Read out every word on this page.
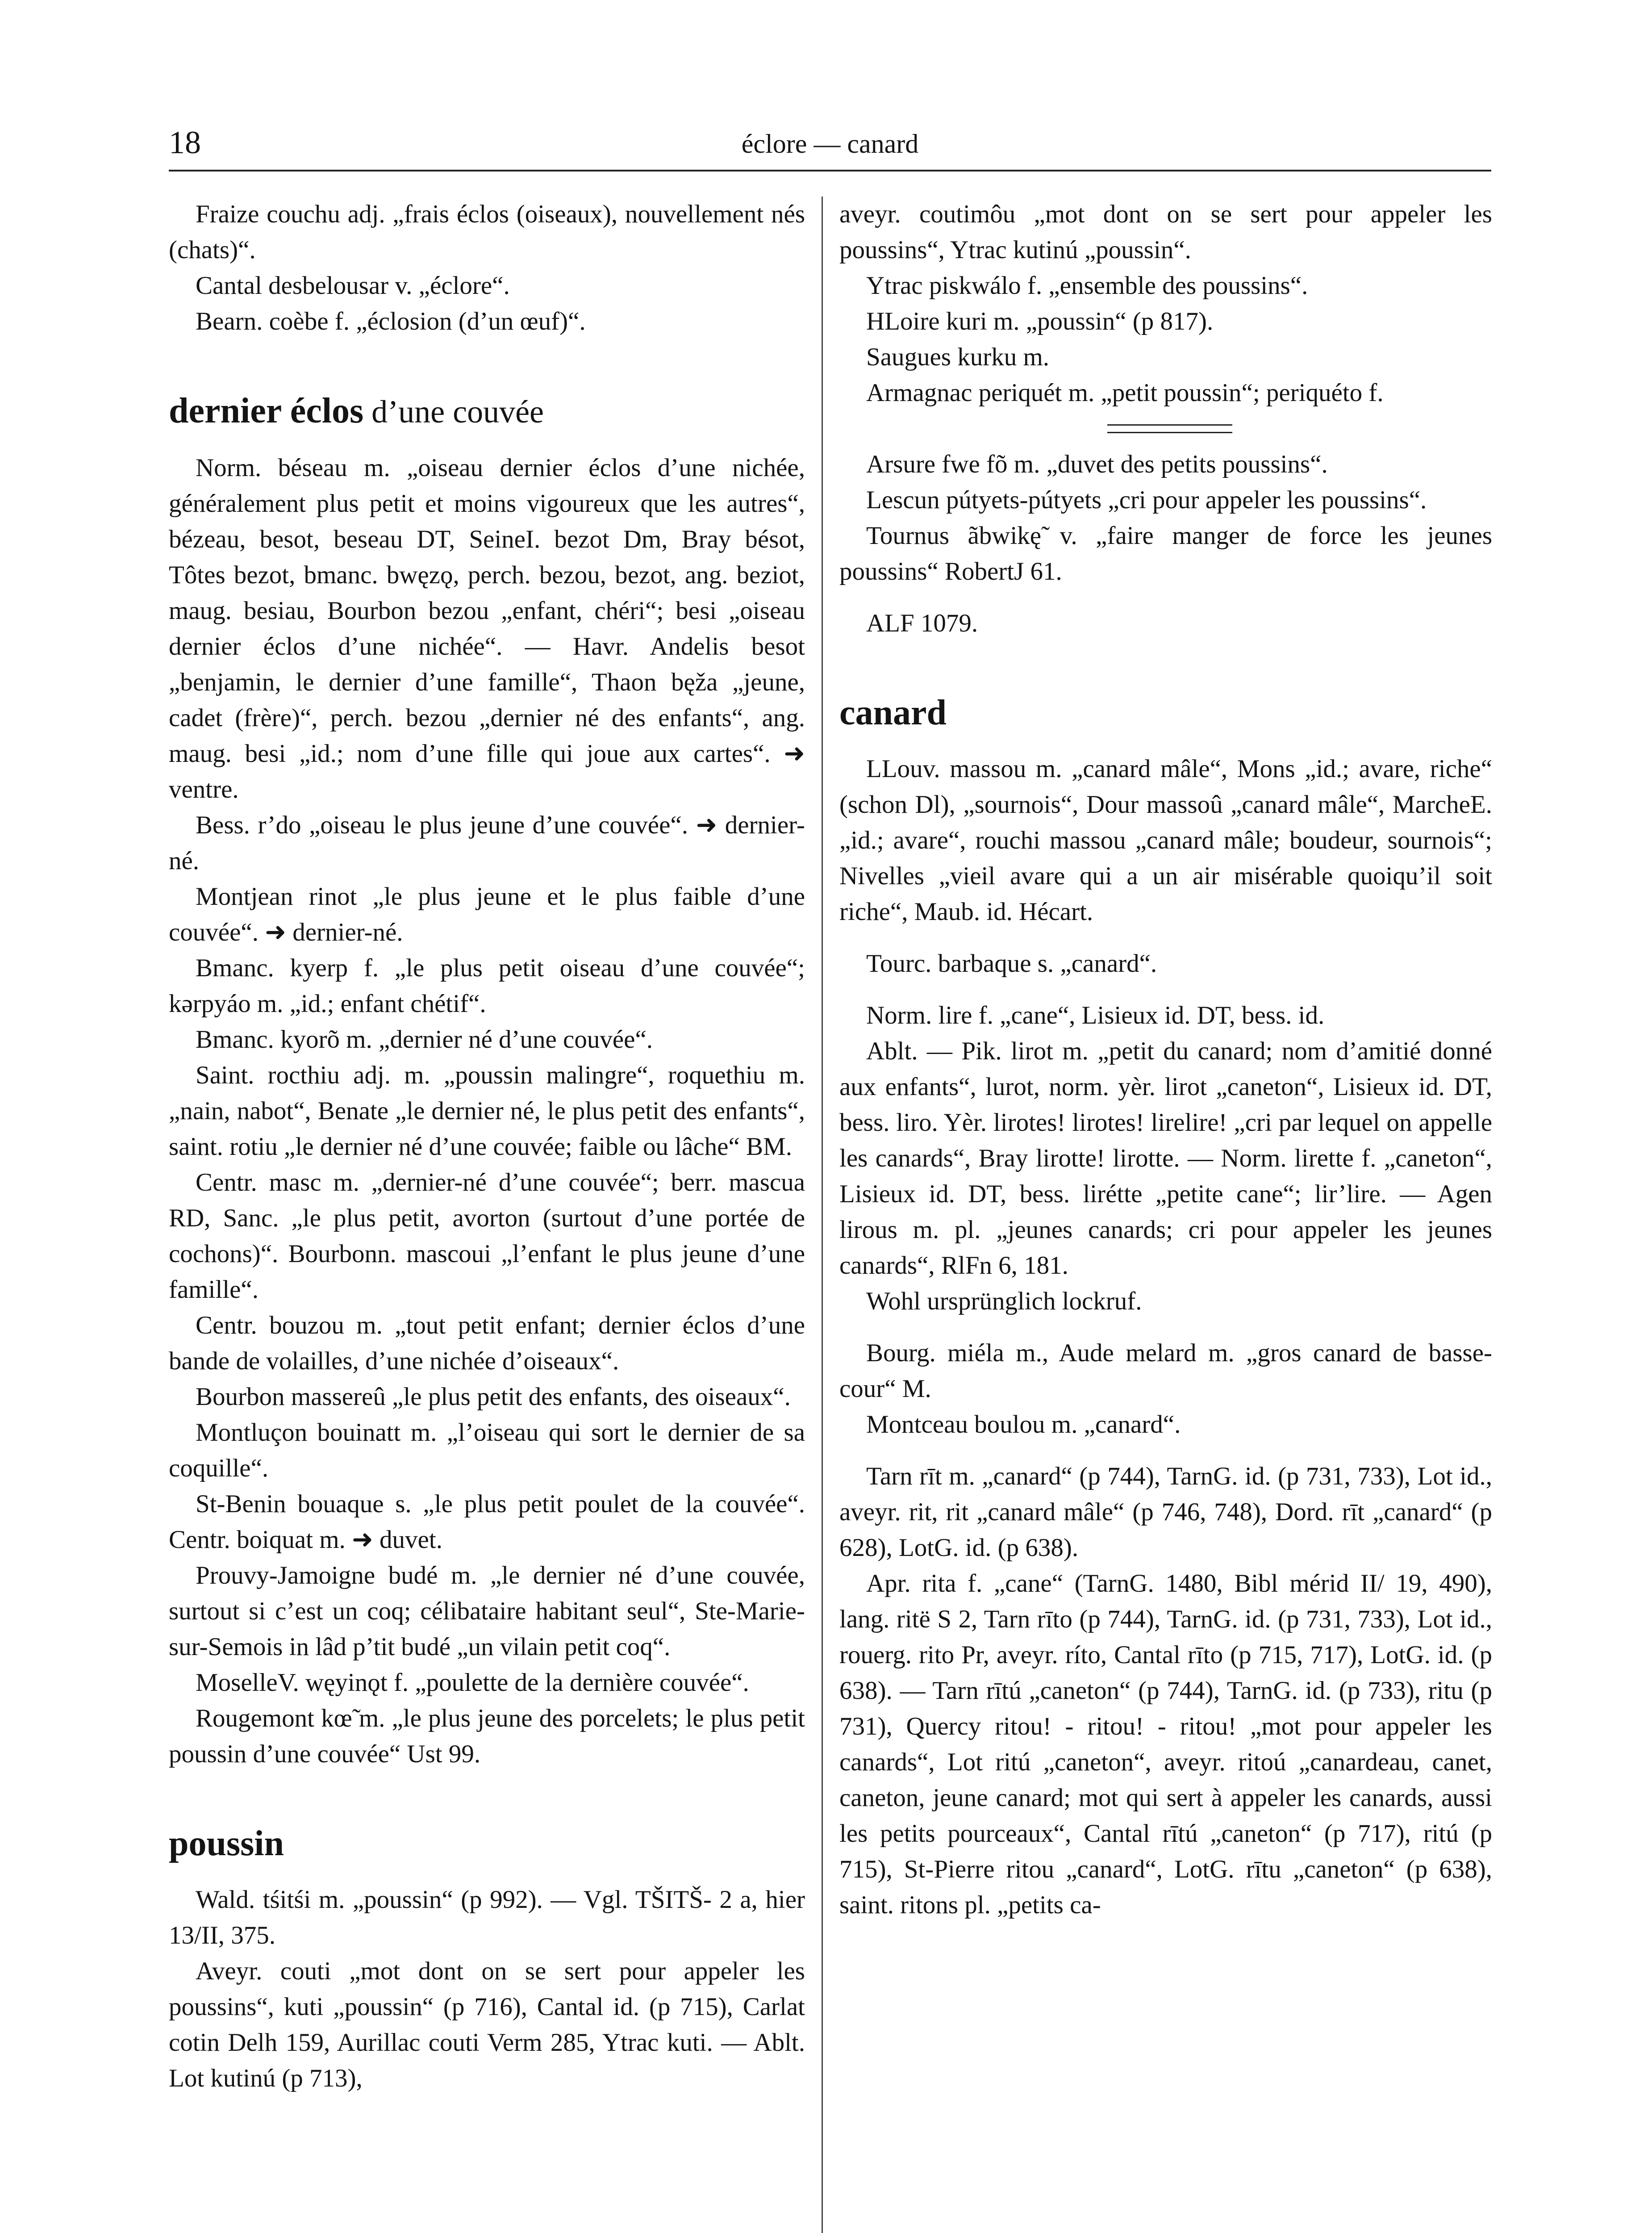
18	éclore — canard

Fraize couchu adj. „frais éclos (oiseaux), nouvellement nés (chats)“.

Cantal desbelousar v. „éclore“.

Bearn. coèbe f. „éclosion (d’un œuf)“.

dernier éclos d’une couvée

Norm. béseau m. „oiseau dernier éclos d’une nichée, généralement plus petit et moins vigoureux que les autres“, bézeau, besot, beseau DT, SeineI. bezot Dm, Bray bésot, Tôtes bezot, bmanc. bwęzǫ, perch. bezou, bezot, ang. beziot, maug. besiau, Bourbon bezou „enfant, chéri“; besi „oiseau dernier éclos d’une nichée“. — Havr. Andelis besot „benjamin, le dernier d’une famille“, Thaon bęža „jeune, cadet (frère)“, perch. bezou „dernier né des enfants“, ang. maug. besi „id.; nom d’une fille qui joue aux cartes“. ➜ ventre.

Bess. r’do „oiseau le plus jeune d’une couvée“. ➜ dernier-né.

Montjean rinot „le plus jeune et le plus faible d’une couvée“. ➜ dernier-né.

Bmanc. kyerp f. „le plus petit oiseau d’une couvée“; kərpyáo m. „id.; enfant chétif“.

Bmanc. kyorõ m. „dernier né d’une couvée“.

Saint. rocthiu adj. m. „poussin malingre“, roquethiu m. „nain, nabot“, Benate „le dernier né, le plus petit des enfants“, saint. rotiu „le dernier né d’une couvée; faible ou lâche“ BM.

Centr. masc m. „dernier-né d’une couvée“; berr. mascua RD, Sanc. „le plus petit, avorton (surtout d’une portée de cochons)“. Bourbonn. mascoui „l’enfant le plus jeune d’une famille“.

Centr. bouzou m. „tout petit enfant; dernier éclos d’une bande de volailles, d’une nichée d’oiseaux“.

Bourbon massereû „le plus petit des enfants, des oiseaux“.

Montluçon bouinatt m. „l’oiseau qui sort le dernier de sa coquille“.

St-Benin bouaque s. „le plus petit poulet de la couvée“. Centr. boiquat m. ➜ duvet.

Prouvy-Jamoigne budé m. „le dernier né d’une couvée, surtout si c’est un coq; célibataire habitant seul“, Ste-Marie-sur-Semois in lâd p’tit budé „un vilain petit coq“.

MoselleV. węyinǫt f. „poulette de la dernière couvée“.

Rougemont kœ̃ m. „le plus jeune des porcelets; le plus petit poussin d’une couvée“ Ust 99.

poussin

Wald. tśitśi m. „poussin“ (p 992). — Vgl. TŠITŠ- 2 a, hier 13/II, 375.

Aveyr. couti „mot dont on se sert pour appeler les poussins“, kuti „poussin“ (p 716), Cantal id. (p 715), Carlat cotin Delh 159, Aurillac couti Verm 285, Ytrac kuti. — Ablt. Lot kutinú (p 713),

aveyr. coutimôu „mot dont on se sert pour appeler les poussins“, Ytrac kutinú „poussin“.

Ytrac piskwálo f. „ensemble des poussins“.

HLoire kuri m. „poussin“ (p 817).

Saugues kurku m.

Armagnac periquét m. „petit poussin“; periquéto f.

Arsure fwe fõ m. „duvet des petits poussins“.

Lescun pútyets-pútyets „cri pour appeler les poussins“.

Tournus ãbwikę̃ v. „faire manger de force les jeunes poussins“ RobertJ 61.

ALF 1079.

canard

LLouv. massou m. „canard mâle“, Mons „id.; avare, riche“ (schon Dl), „sournois“, Dour massoû „canard mâle“, MarcheE. „id.; avare“, rouchi massou „canard mâle; boudeur, sournois“; Nivelles „vieil avare qui a un air misérable quoiqu’il soit riche“, Maub. id. Hécart.

Tourc. barbaque s. „canard“.

Norm. lire f. „cane“, Lisieux id. DT, bess. id.

Ablt. — Pik. lirot m. „petit du canard; nom d’amitié donné aux enfants“, lurot, norm. yèr. lirot „caneton“, Lisieux id. DT, bess. liro. Yèr. lirotes! lirotes! lirelire! „cri par lequel on appelle les canards“, Bray lirotte! lirotte. — Norm. lirette f. „caneton“, Lisieux id. DT, bess. lirétte „petite cane“; lir’lire. — Agen lirous m. pl. „jeunes canards; cri pour appeler les jeunes canards“, RlFn 6, 181.

Wohl ursprünglich lockruf.

Bourg. miéla m., Aude melard m. „gros canard de basse-cour“ M.

Montceau boulou m. „canard“.

Tarn rīt m. „canard“ (p 744), TarnG. id. (p 731, 733), Lot id., aveyr. rit, rit „canard mâle“ (p 746, 748), Dord. rīt „canard“ (p 628), LotG. id. (p 638).

Apr. rita f. „cane“ (TarnG. 1480, Bibl mérid II/ 19, 490), lang. ritë S 2, Tarn rīto (p 744), TarnG. id. (p 731, 733), Lot id., rouerg. rito Pr, aveyr. ríto, Cantal rīto (p 715, 717), LotG. id. (p 638). — Tarn rītú „caneton“ (p 744), TarnG. id. (p 733), ritu (p 731), Quercy ritou! - ritou! - ritou! „mot pour appeler les canards“, Lot ritú „caneton“, aveyr. ritoú „canardeau, canet, caneton, jeune canard; mot qui sert à appeler les canards, aussi les petits pourceaux“, Cantal rītú „caneton“ (p 717), ritú (p 715), St-Pierre ritou „canard“, LotG. rītu „caneton“ (p 638), saint. ritons pl. „petits ca-
